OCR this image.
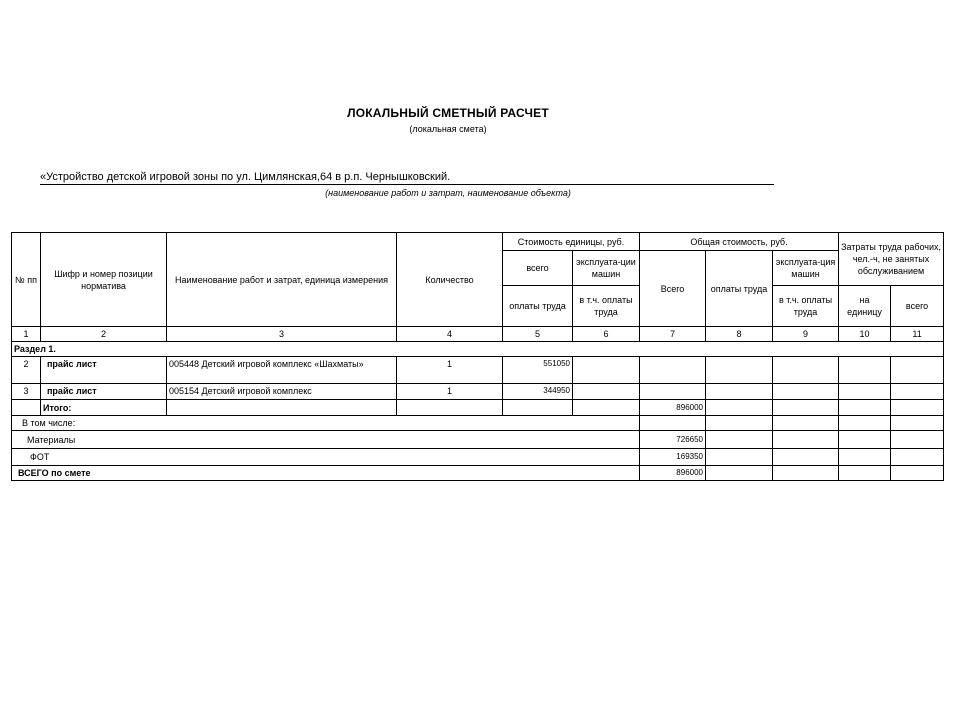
ЛОКАЛЬНЫЙ СМЕТНЫЙ РАСЧЕТ
(локальная смета)
«Устройство детской игровой зоны по ул. Цимлянская,64 в р.п. Чернышковский.
(наименование работ и затрат, наименование объекта)
№ пп	Шифр и номер позиции норматива	Наименование работ и затрат, единица измерения	Количество	Стоимость единицы, руб.		Общая стоимость, руб.			Затраты труда рабочих, чел.-ч, не занятых обслуживанием	
				всего	эксплуата-ции машин	Всего	оплаты труда	эксплуата-ция машин		
				оплаты труда	в т.ч. оплаты труда			в т.ч. оплаты труда	на единицу	всего
1	2	3	4	5	6	7	8	9	10	11
Раздел 1.										
2	прайс лист	005448 Детский игровой комплекс «Шахматы»	1	551050						
3	прайс лист	005154 Детский игровой комплекс	1	344950						
	Итого:					896000				
В том числе:										
Материалы						726650				
ФОТ						169350				
ВСЕГО по смете						896000				
